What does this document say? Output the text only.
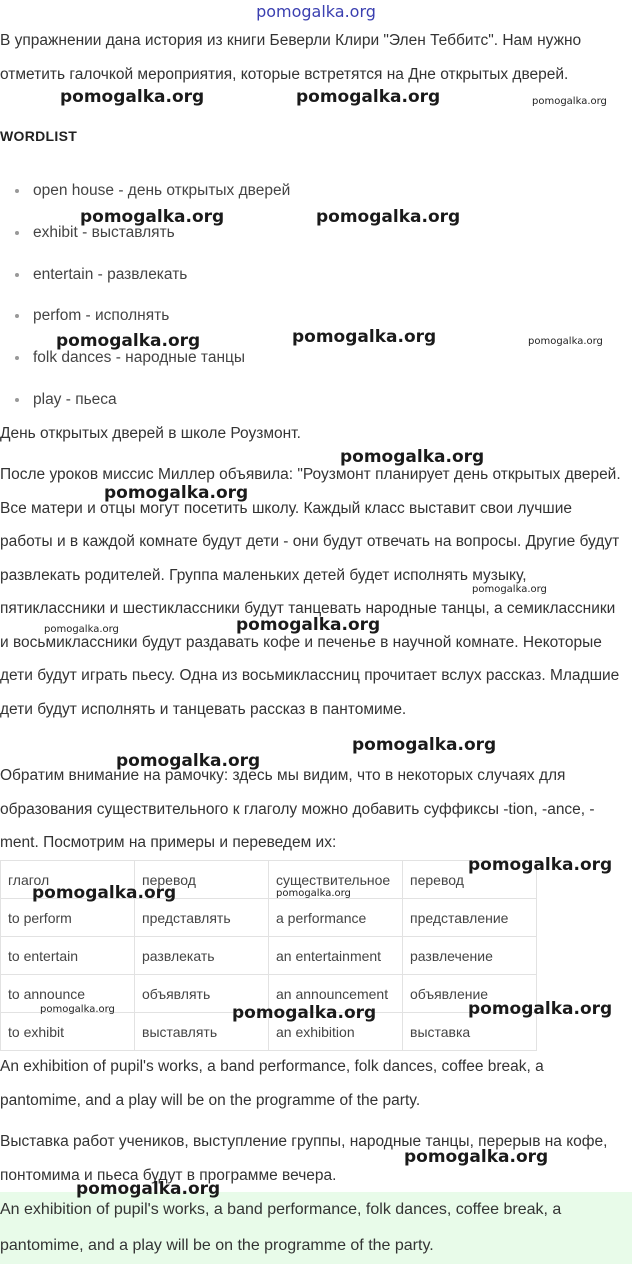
pomogalka.org

В упражнении дана история из книги Беверли Клири "Элен Теббитс". Нам нужно отметить галочкой мероприятия, которые встретятся на Дне открытых дверей.

WORDLIST
open house - день открытых дверей
exhibit - выставлять
entertain - развлекать
perfom - исполнять
folk dances - народные танцы
play - пьеса

День открытых дверей в школе Роузмонт.

После уроков миссис Миллер объявила: "Роузмонт планирует день открытых дверей. Все матери и отцы могут посетить школу. Каждый класс выставит свои лучшие работы и в каждой комнате будут дети - они будут отвечать на вопросы. Другие будут развлекать родителей. Группа маленьких детей будет исполнять музыку, пятиклассники и шестиклассники будут танцевать народные танцы, а семиклассники и восьмиклассники будут раздавать кофе и печенье в научной комнате. Некоторые дети будут играть пьесу. Одна из восьмиклассниц прочитает вслух рассказ. Младшие дети будут исполнять и танцевать рассказ в пантомиме.

Обратим внимание на рамочку: здесь мы видим, что в некоторых случаях для образования существительного к глаголу можно добавить суффиксы -tion, -ance, -ment. Посмотрим на примеры и переведем их:

глагол	перевод	существительное	перевод
to perform	представлять	a performance	представление
to entertain	развлекать	an entertainment	развлечение
to announce	объявлять	an announcement	объявление
to exhibit	выставлять	an exhibition	выставка

An exhibition of pupil's works, a band performance, folk dances, coffee break, a pantomime, and a play will be on the programme of the party.

Выставка работ учеников, выступление группы, народные танцы, перерыв на кофе, понтомима и пьеса будут в программе вечера.

An exhibition of pupil's works, a band performance, folk dances, coffee break, a pantomime, and a play will be on the programme of the party.

pomogalka.org	pomogalka.org	pomogalka.org
pomogalka.org	pomogalka.org
pomogalka.org	pomogalka.org	pomogalka.org
pomogalka.org
pomogalka.org
pomogalka.org
pomogalka.org
pomogalka.org
pomogalka.org
pomogalka.org
pomogalka.org
pomogalka.org	pomogalka.org
pomogalka.org
pomogalka.org
pomogalka.org
pomogalka.org
pomogalka.org
